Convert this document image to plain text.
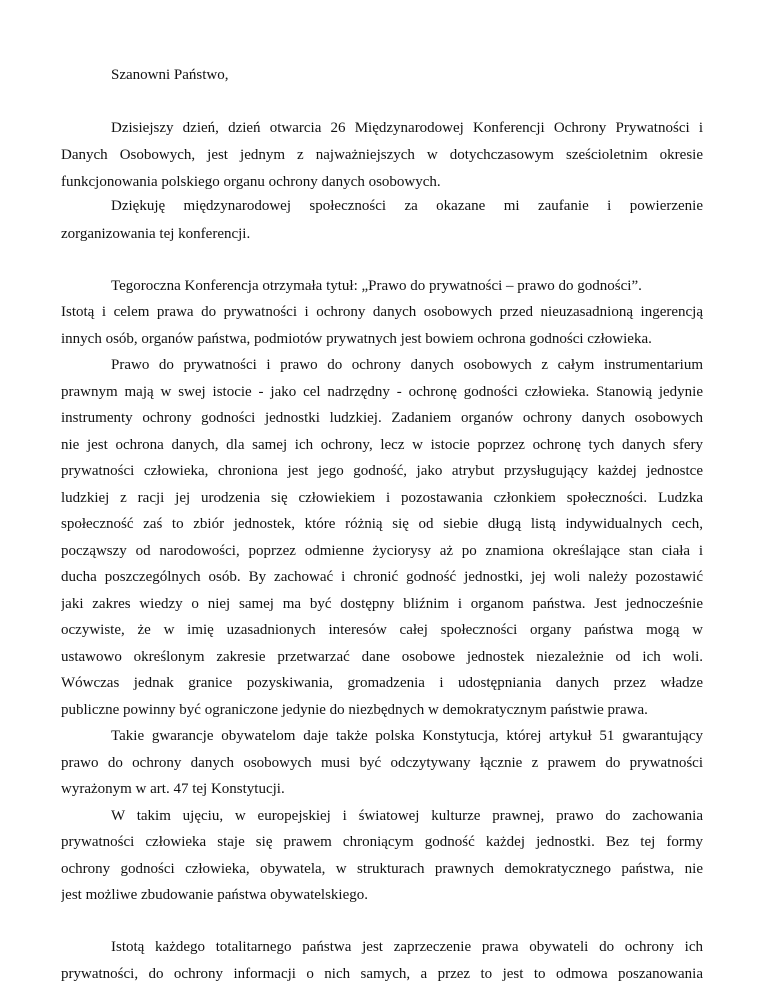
Szanowni Państwo,
Dzisiejszy dzień, dzień otwarcia 26 Międzynarodowej Konferencji Ochrony Prywatności i
Danych Osobowych, jest jednym z najważniejszych w dotychczasowym sześcioletnim okresie
funkcjonowania polskiego organu ochrony danych osobowych.
Dziękuję międzynarodowej społeczności za okazane mi zaufanie i powierzenie
zorganizowania tej konferencji.
Tegoroczna Konferencja otrzymała tytuł: „Prawo do prywatności – prawo do godności”.
Istotą i celem prawa do prywatności i ochrony danych osobowych przed nieuzasadnioną ingerencją
innych osób, organów państwa, podmiotów prywatnych jest bowiem ochrona godności człowieka.
Prawo do prywatności i prawo do ochrony danych osobowych z całym instrumentarium
prawnym mają w swej istocie - jako cel nadrzędny - ochronę godności człowieka. Stanowią jedynie
instrumenty ochrony godności jednostki ludzkiej. Zadaniem organów ochrony danych osobowych
nie jest ochrona danych, dla samej ich ochrony, lecz w istocie poprzez ochronę tych danych sfery
prywatności człowieka, chroniona jest jego godność, jako atrybut przysługujący każdej jednostce
ludzkiej z racji jej urodzenia się człowiekiem i pozostawania członkiem społeczności. Ludzka
społeczność zaś to zbiór jednostek, które różnią się od siebie długą listą indywidualnych cech,
począwszy od narodowości, poprzez odmienne życiorysy aż po znamiona określające stan ciała i
ducha poszczególnych osób. By zachować i chronić godność jednostki, jej woli należy pozostawić
jaki zakres wiedzy o niej samej ma być dostępny bliźnim i organom państwa. Jest jednocześnie
oczywiste, że w imię uzasadnionych interesów całej społeczności organy państwa mogą w
ustawowo określonym zakresie przetwarzać dane osobowe jednostek niezależnie od ich woli.
Wówczas jednak granice pozyskiwania, gromadzenia i udostępniania danych przez władze
publiczne powinny być ograniczone jedynie do niezbędnych w demokratycznym państwie prawa.
Takie gwarancje obywatelom daje także polska Konstytucja, której artykuł 51 gwarantujący
prawo do ochrony danych osobowych musi być odczytywany łącznie z prawem do prywatności
wyrażonym w art. 47 tej Konstytucji.
W takim ujęciu, w europejskiej i światowej kulturze prawnej, prawo do zachowania
prywatności człowieka staje się prawem chroniącym godność każdej jednostki. Bez tej formy
ochrony godności człowieka, obywatela, w strukturach prawnych demokratycznego państwa, nie
jest możliwe zbudowanie państwa obywatelskiego.
Istotą każdego totalitarnego państwa jest zaprzeczenie prawa obywateli do ochrony ich
prywatności, do ochrony informacji o nich samych, a przez to jest to odmowa poszanowania
